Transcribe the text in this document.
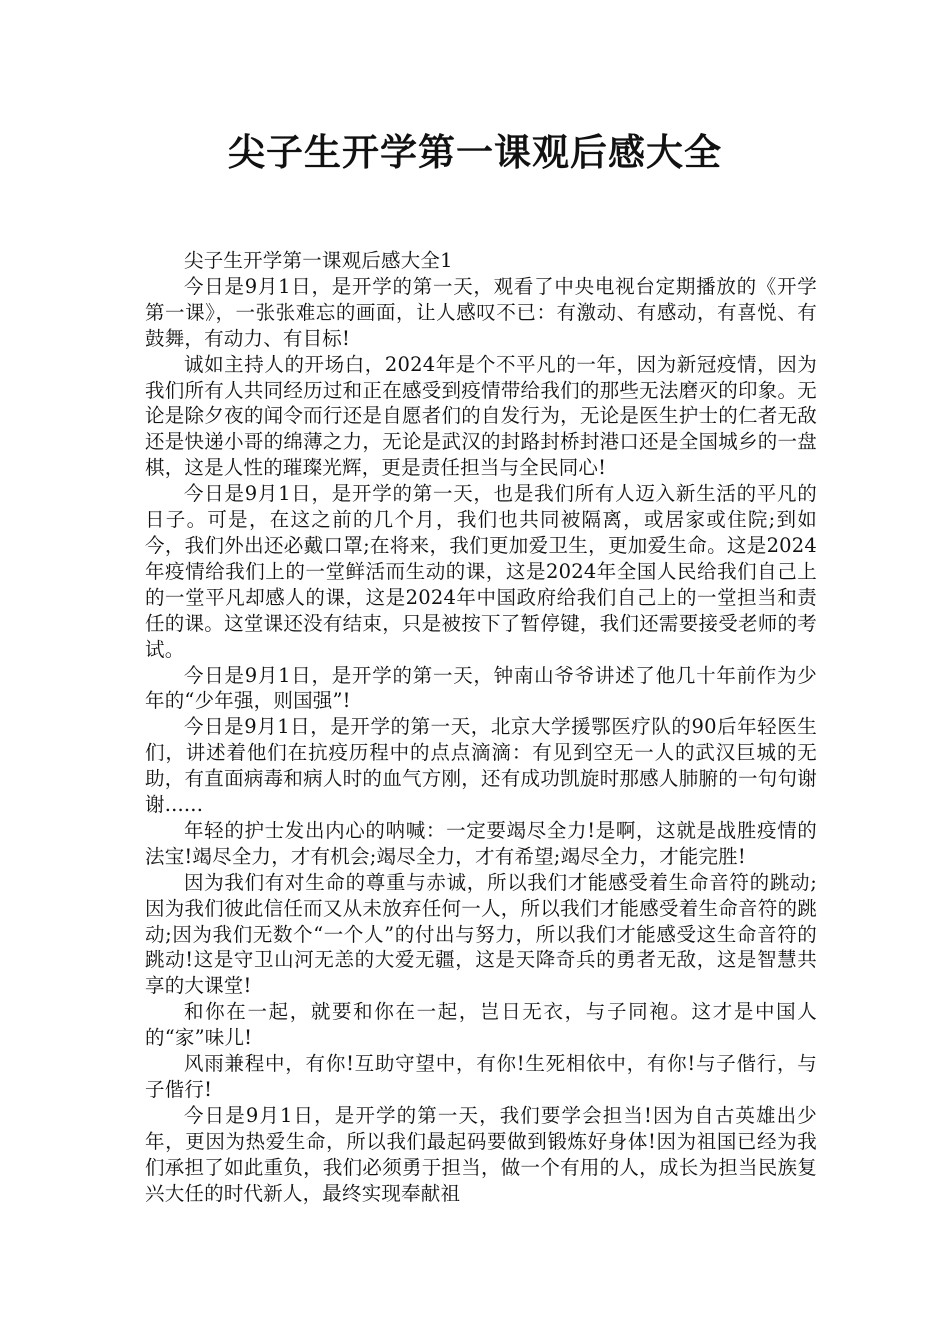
尖子生开学第一课观后感大全

尖子生开学第一课观后感大全1

今日是9月1日，是开学的第一天，观看了中央电视台定期播放的《开学第一课》，一张张难忘的画面，让人感叹不已：有激动、有感动，有喜悦、有鼓舞，有动力、有目标!

诚如主持人的开场白，2024年是个不平凡的一年，因为新冠疫情，因为我们所有人共同经历过和正在感受到疫情带给我们的那些无法磨灭的印象。无论是除夕夜的闻令而行还是自愿者们的自发行为，无论是医生护士的仁者无敌还是快递小哥的绵薄之力，无论是武汉的封路封桥封港口还是全国城乡的一盘棋，这是人性的璀璨光辉，更是责任担当与全民同心!

今日是9月1日，是开学的第一天，也是我们所有人迈入新生活的平凡的日子。可是，在这之前的几个月，我们也共同被隔离，或居家或住院;到如今，我们外出还必戴口罩;在将来，我们更加爱卫生，更加爱生命。这是2024年疫情给我们上的一堂鲜活而生动的课，这是2024年全国人民给我们自己上的一堂平凡却感人的课，这是2024年中国政府给我们自己上的一堂担当和责任的课。这堂课还没有结束，只是被按下了暂停键，我们还需要接受老师的考试。

今日是9月1日，是开学的第一天，钟南山爷爷讲述了他几十年前作为少年的“少年强，则国强”!

今日是9月1日，是开学的第一天，北京大学援鄂医疗队的90后年轻医生们，讲述着他们在抗疫历程中的点点滴滴：有见到空无一人的武汉巨城的无助，有直面病毒和病人时的血气方刚，还有成功凯旋时那感人肺腑的一句句谢谢......

年轻的护士发出内心的呐喊：一定要竭尽全力!是啊，这就是战胜疫情的法宝!竭尽全力，才有机会;竭尽全力，才有希望;竭尽全力，才能完胜!

因为我们有对生命的尊重与赤诚，所以我们才能感受着生命音符的跳动;因为我们彼此信任而又从未放弃任何一人，所以我们才能感受着生命音符的跳动;因为我们无数个“一个人”的付出与努力，所以我们才能感受这生命音符的跳动!这是守卫山河无恙的大爱无疆，这是天降奇兵的勇者无敌，这是智慧共享的大课堂!

和你在一起，就要和你在一起，岂日无衣，与子同袍。这才是中国人的“家”味儿!

风雨兼程中，有你!互助守望中，有你!生死相依中，有你!与子偕行，与子偕行!

今日是9月1日，是开学的第一天，我们要学会担当!因为自古英雄出少年，更因为热爱生命，所以我们最起码要做到锻炼好身体!因为祖国已经为我们承担了如此重负，我们必须勇于担当，做一个有用的人，成长为担当民族复兴大任的时代新人，最终实现奉献祖
